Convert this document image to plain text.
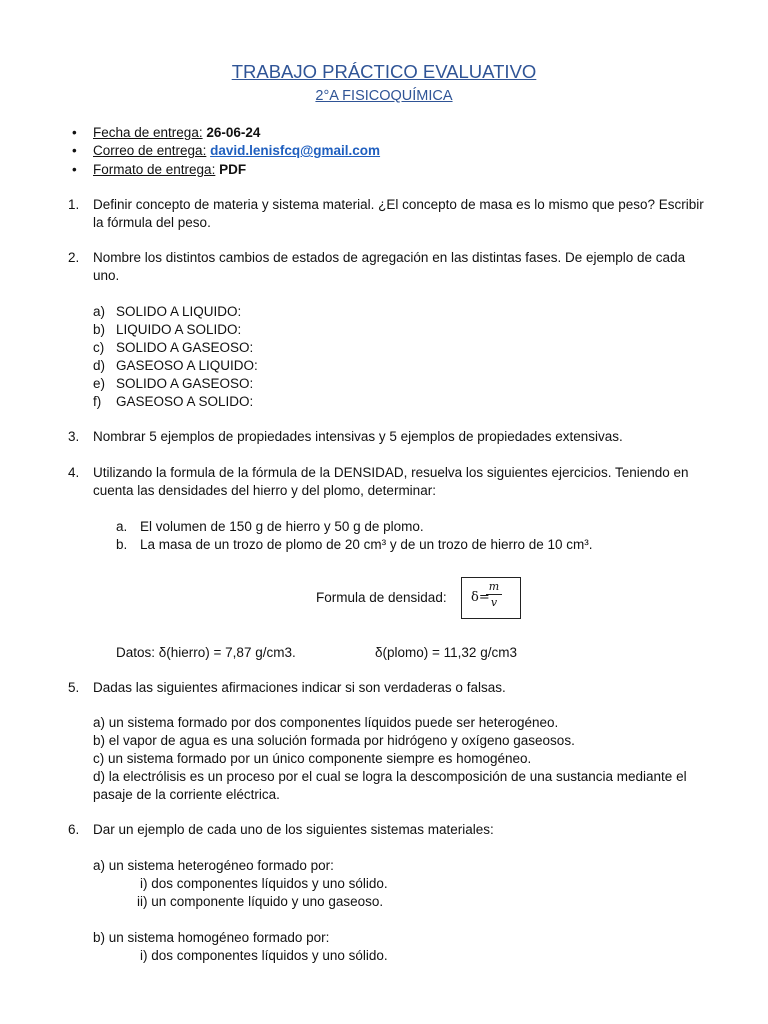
TRABAJO PRÁCTICO EVALUATIVO
2°A FISICOQUÍMICA
• Fecha de entrega: 26-06-24
• Correo de entrega: david.lenisfcq@gmail.com
• Formato de entrega: PDF
1. Definir concepto de materia y sistema material. ¿El concepto de masa es lo mismo que peso? Escribir
la fórmula del peso.
2. Nombre los distintos cambios de estados de agregación en las distintas fases. De ejemplo de cada
uno.
a) SOLIDO A LIQUIDO:
b) LIQUIDO A SOLIDO:
c) SOLIDO A GASEOSO:
d) GASEOSO A LIQUIDO:
e) SOLIDO A GASEOSO:
f) GASEOSO A SOLIDO:
3. Nombrar 5 ejemplos de propiedades intensivas y 5 ejemplos de propiedades extensivas.
4. Utilizando la formula de la fórmula de la DENSIDAD, resuelva los siguientes ejercicios. Teniendo en
cuenta las densidades del hierro y del plomo, determinar:
a. El volumen de 150 g de hierro y 50 g de plomo.
b. La masa de un trozo de plomo de 20 cm³ y de un trozo de hierro de 10 cm³.
Formula de densidad: δ=
m
v
Datos: δ(hierro) = 7,87 g/cm3.	δ(plomo) = 11,32 g/cm3
5. Dadas las siguientes afirmaciones indicar si son verdaderas o falsas.
a) un sistema formado por dos componentes líquidos puede ser heterogéneo.
b) el vapor de agua es una solución formada por hidrógeno y oxígeno gaseosos.
c) un sistema formado por un único componente siempre es homogéneo.
d) la electrólisis es un proceso por el cual se logra la descomposición de una sustancia mediante el
pasaje de la corriente eléctrica.
6. Dar un ejemplo de cada uno de los siguientes sistemas materiales:
a) un sistema heterogéneo formado por:
i) dos componentes líquidos y uno sólido.
ii) un componente líquido y uno gaseoso.
b) un sistema homogéneo formado por:
i) dos componentes líquidos y uno sólido.
